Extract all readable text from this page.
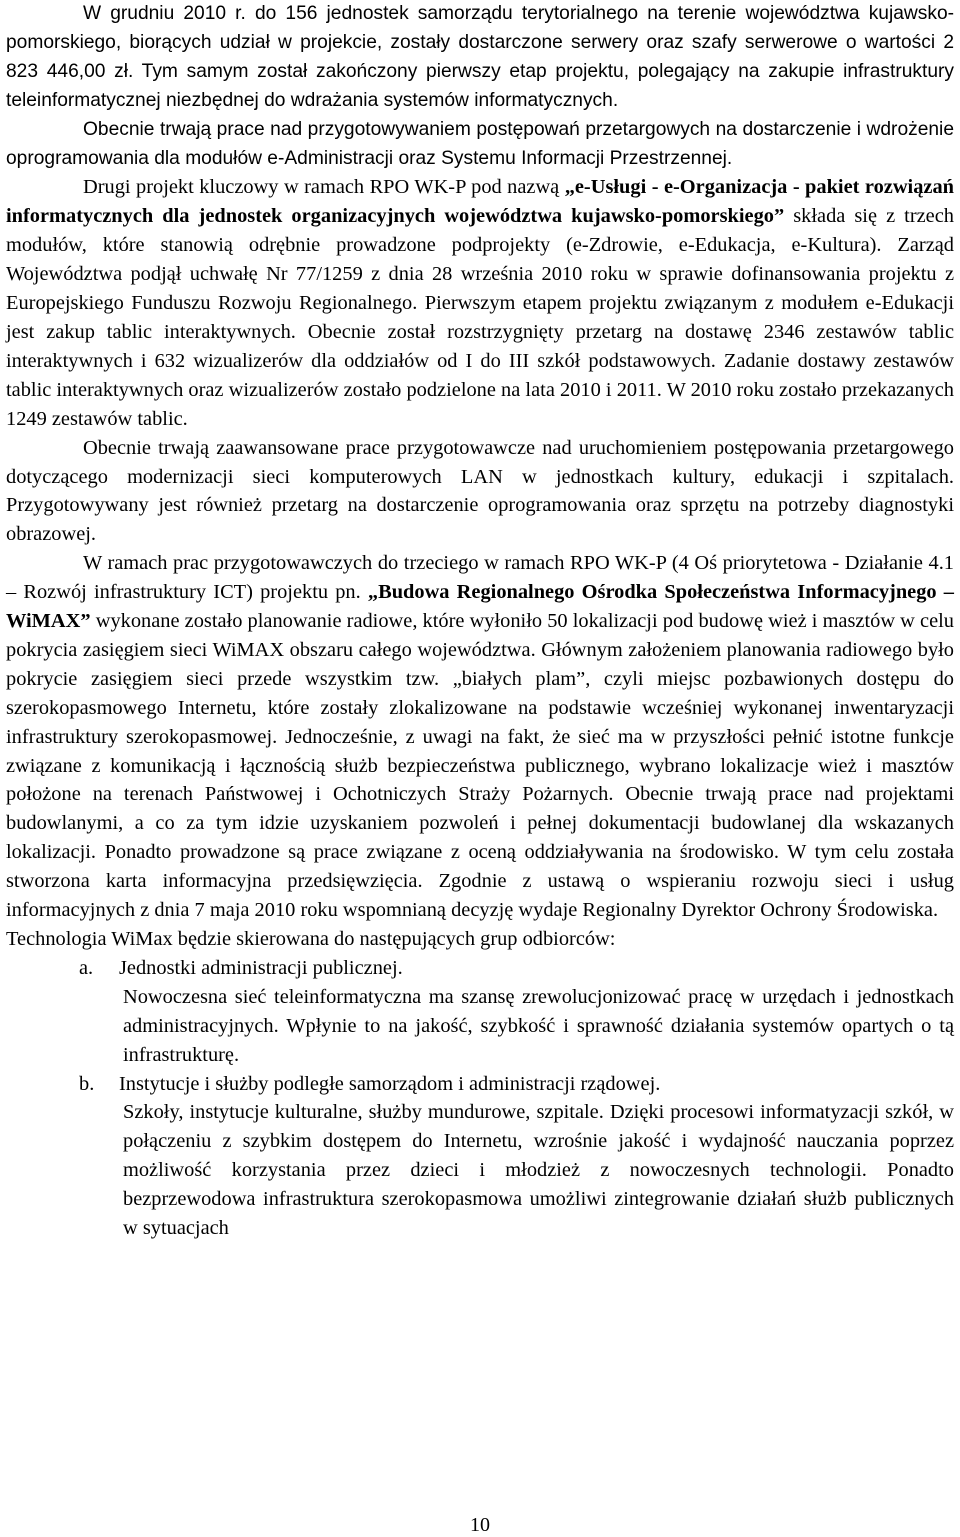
W grudniu 2010 r. do 156 jednostek samorządu terytorialnego na terenie województwa kujawsko-pomorskiego, biorących udział w projekcie, zostały dostarczone serwery oraz szafy serwerowe o wartości 2 823 446,00 zł. Tym samym został zakończony pierwszy etap projektu, polegający na zakupie infrastruktury teleinformatycznej niezbędnej do wdrażania systemów informatycznych.

Obecnie trwają prace nad przygotowywaniem postępowań przetargowych na dostarczenie i wdrożenie oprogramowania dla modułów e-Administracji oraz Systemu Informacji Przestrzennej.

Drugi projekt kluczowy w ramach RPO WK-P pod nazwą „e-Usługi - e-Organizacja - pakiet rozwiązań informatycznych dla jednostek organizacyjnych województwa kujawsko-pomorskiego” składa się z trzech modułów, które stanowią odrębnie prowadzone podprojekty (e-Zdrowie, e-Edukacja, e-Kultura). Zarząd Województwa podjął uchwałę Nr 77/1259 z dnia 28 września 2010 roku w sprawie dofinansowania projektu z Europejskiego Funduszu Rozwoju Regionalnego. Pierwszym etapem projektu związanym z modułem e-Edukacji jest zakup tablic interaktywnych. Obecnie został rozstrzygnięty przetarg na dostawę 2346 zestawów tablic interaktywnych i 632 wizualizerów dla oddziałów od I do III szkół podstawowych. Zadanie dostawy zestawów tablic interaktywnych oraz wizualizerów zostało podzielone na lata 2010 i 2011. W 2010 roku zostało przekazanych 1249 zestawów tablic.

Obecnie trwają zaawansowane prace przygotowawcze nad uruchomieniem postępowania przetargowego dotyczącego modernizacji sieci komputerowych LAN w jednostkach kultury, edukacji i szpitalach. Przygotowywany jest również przetarg na dostarczenie oprogramowania oraz sprzętu na potrzeby diagnostyki obrazowej.

W ramach prac przygotowawczych do trzeciego w ramach RPO WK-P (4 Oś priorytetowa - Działanie 4.1 – Rozwój infrastruktury ICT) projektu pn. „Budowa Regionalnego Ośrodka Społeczeństwa Informacyjnego – WiMAX” wykonane zostało planowanie radiowe, które wyłoniło 50 lokalizacji pod budowę wież i masztów w celu pokrycia zasięgiem sieci WiMAX obszaru całego województwa. Głównym założeniem planowania radiowego było pokrycie zasięgiem sieci przede wszystkim tzw. „białych plam”, czyli miejsc pozbawionych dostępu do szerokopasmowego Internetu, które zostały zlokalizowane na podstawie wcześniej wykonanej inwentaryzacji infrastruktury szerokopasmowej. Jednocześnie, z uwagi na fakt, że sieć ma w przyszłości pełnić istotne funkcje związane z komunikacją i łącznością służb bezpieczeństwa publicznego, wybrano lokalizacje wież i masztów położone na terenach Państwowej i Ochotniczych Straży Pożarnych. Obecnie trwają prace nad projektami budowlanymi, a co za tym idzie uzyskaniem pozwoleń i pełnej dokumentacji budowlanej dla wskazanych lokalizacji. Ponadto prowadzone są prace związane z oceną oddziaływania na środowisko. W tym celu została stworzona karta informacyjna przedsięwzięcia. Zgodnie z ustawą o wspieraniu rozwoju sieci i usług informacyjnych z dnia 7 maja 2010 roku wspomnianą decyzję wydaje Regionalny Dyrektor Ochrony Środowiska.

Technologia WiMax będzie skierowana do następujących grup odbiorców:

a. Jednostki administracji publicznej.

Nowoczesna sieć teleinformatyczna ma szansę zrewolucjonizować pracę w urzędach i jednostkach administracyjnych. Wpłynie to na jakość, szybkość i sprawność działania systemów opartych o tą infrastrukturę.

b. Instytucje i służby podległe samorządom i administracji rządowej.

Szkoły, instytucje kulturalne, służby mundurowe, szpitale. Dzięki procesowi informatyzacji szkół, w połączeniu z szybkim dostępem do Internetu, wzrośnie jakość i wydajność nauczania poprzez możliwość korzystania przez dzieci i młodzież z nowoczesnych technologii. Ponadto bezprzewodowa infrastruktura szerokopasmowa umożliwi zintegrowanie działań służb publicznych w sytuacjach

10
